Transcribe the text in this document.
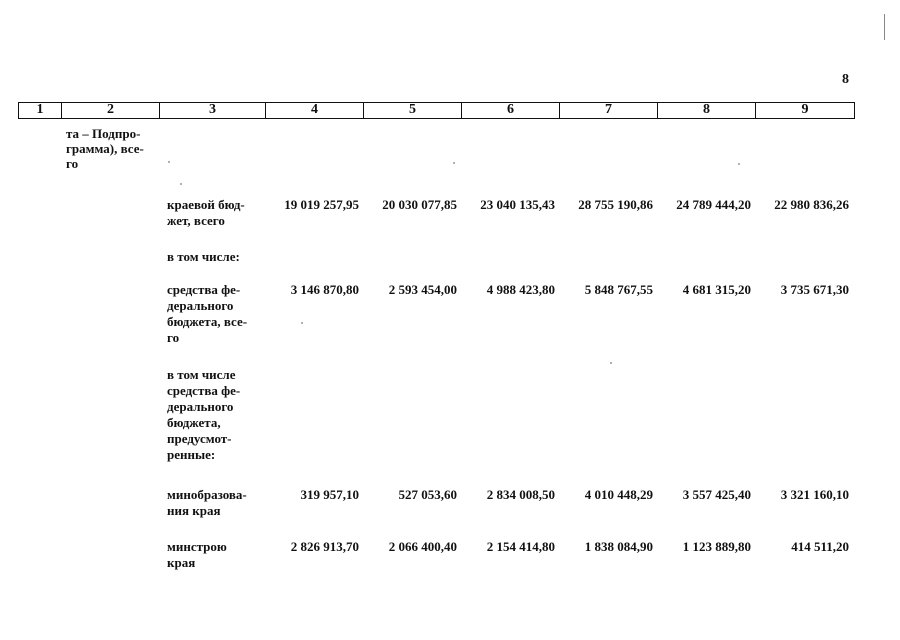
8
1	2	3	4	5	6	7	8	9
та – Подпро-
грамма), все-
го
краевой бюд-
жет, всего
19 019 257,95	20 030 077,85	23 040 135,43	28 755 190,86	24 789 444,20	22 980 836,26
в том числе:
средства фе-
дерального
бюджета, все-
го
3 146 870,80	2 593 454,00	4 988 423,80	5 848 767,55	4 681 315,20	3 735 671,30
в том числе
средства фе-
дерального
бюджета,
предусмот-
ренные:
минобразова-
ния края
319 957,10	527 053,60	2 834 008,50	4 010 448,29	3 557 425,40	3 321 160,10
минстрою
края
2 826 913,70	2 066 400,40	2 154 414,80	1 838 084,90	1 123 889,80	414 511,20
